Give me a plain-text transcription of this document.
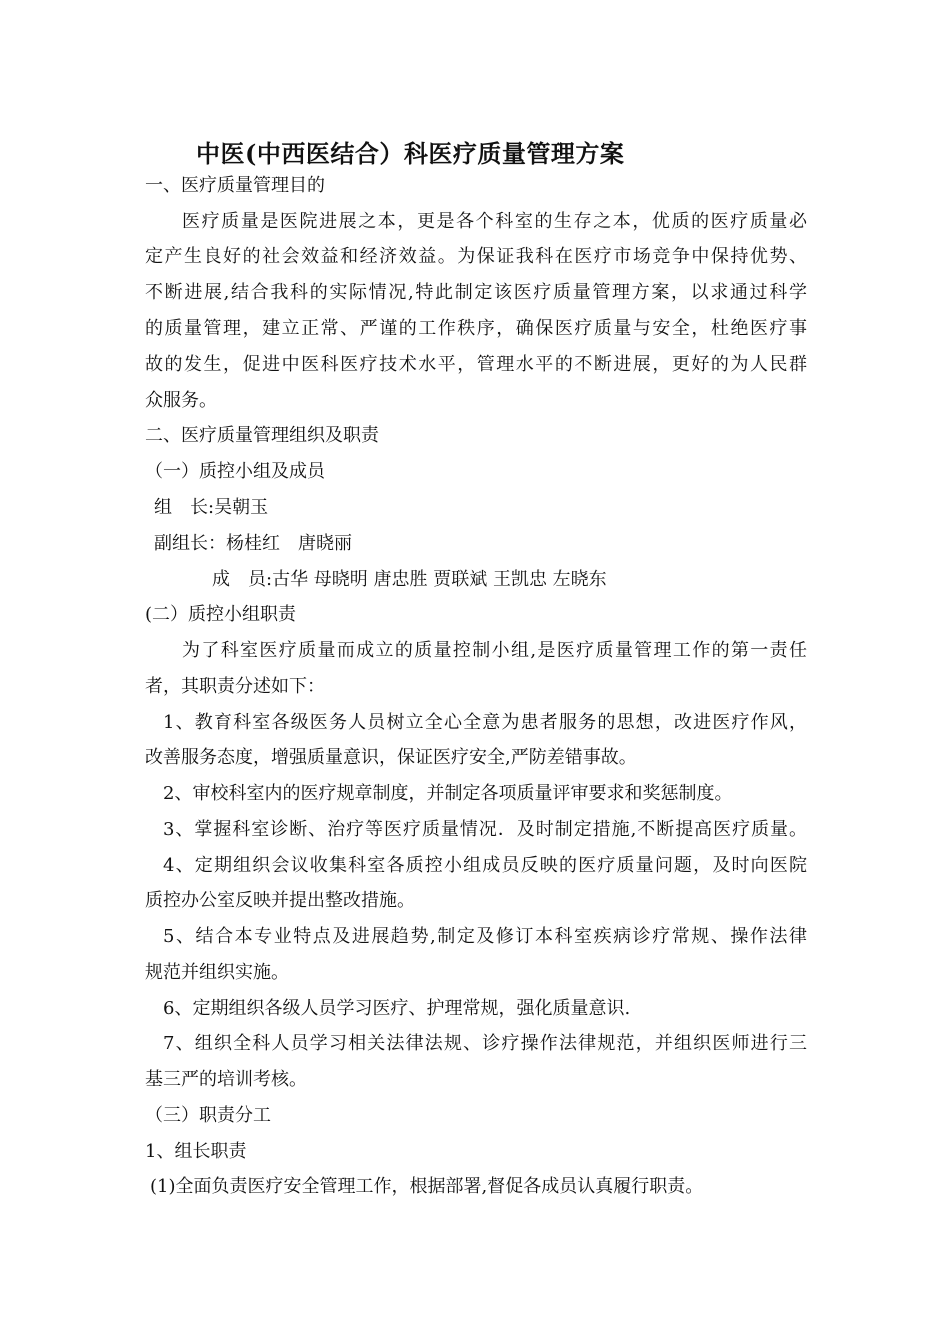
中医(中西医结合）科医疗质量管理方案
一、医疗质量管理目的
医疗质量是医院进展之本，更是各个科室的生存之本，优质的医疗质量必
定产生良好的社会效益和经济效益。为保证我科在医疗市场竞争中保持优势、
不断进展,结合我科的实际情况,特此制定该医疗质量管理方案，以求通过科学
的质量管理，建立正常、严谨的工作秩序，确保医疗质量与安全，杜绝医疗事
故的发生，促进中医科医疗技术水平，管理水平的不断进展，更好的为人民群
众服务。
二、医疗质量管理组织及职责
（一）质控小组及成员
组　长:吴朝玉
副组长：杨桂红　唐晓丽
成　员:古华 母晓明 唐忠胜 贾联斌 王凯忠 左晓东
(二）质控小组职责
为了科室医疗质量而成立的质量控制小组,是医疗质量管理工作的第一责任
者，其职责分述如下：
1、教育科室各级医务人员树立全心全意为患者服务的思想，改进医疗作风，
改善服务态度，增强质量意识，保证医疗安全,严防差错事故。
2、审校科室内的医疗规章制度，并制定各项质量评审要求和奖惩制度。
3、掌握科室诊断、治疗等医疗质量情况．及时制定措施,不断提高医疗质量。
4、定期组织会议收集科室各质控小组成员反映的医疗质量问题，及时向医院
质控办公室反映并提出整改措施。
5、结合本专业特点及进展趋势,制定及修订本科室疾病诊疗常规、操作法律
规范并组织实施。
6、定期组织各级人员学习医疗、护理常规，强化质量意识.
7、组织全科人员学习相关法律法规、诊疗操作法律规范，并组织医师进行三
基三严的培训考核。
（三）职责分工
1、组长职责
(1)全面负责医疗安全管理工作，根据部署,督促各成员认真履行职责。
